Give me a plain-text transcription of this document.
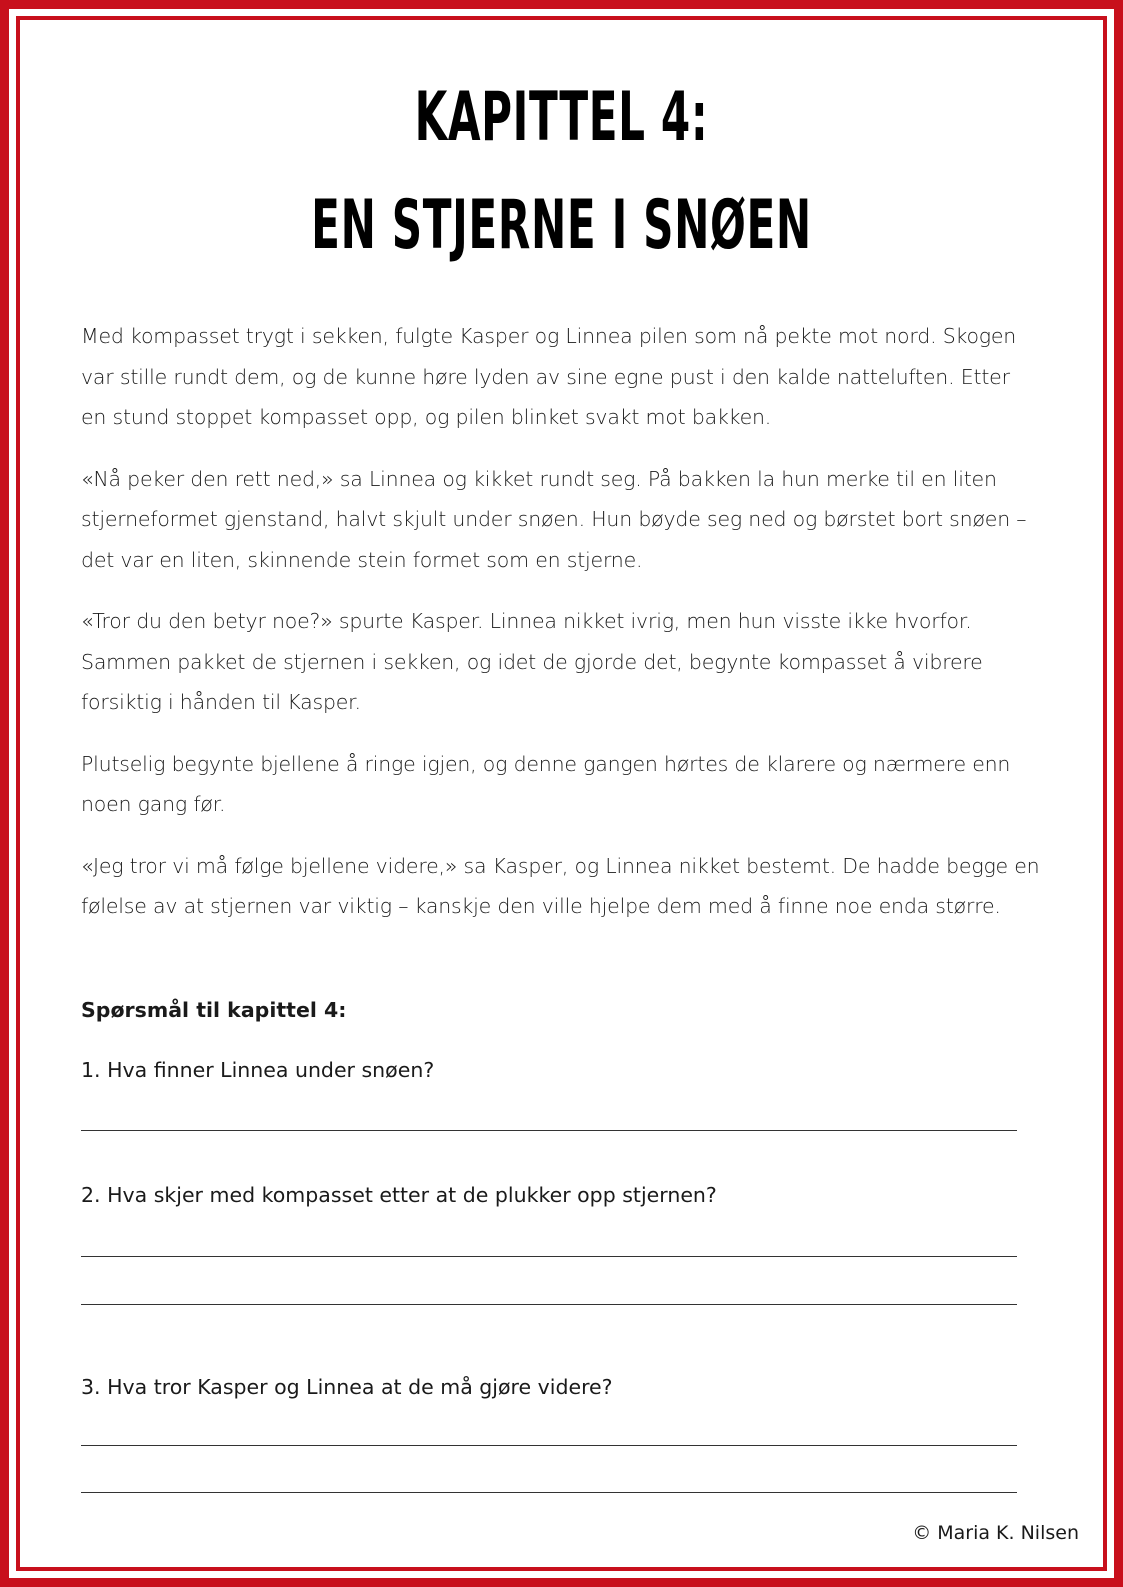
KAPITTEL 4:
EN STJERNE I SNØEN

Med kompasset trygt i sekken, fulgte Kasper og Linnea pilen som nå pekte mot nord. Skogen var stille rundt dem, og de kunne høre lyden av sine egne pust i den kalde natteluften. Etter en stund stoppet kompasset opp, og pilen blinket svakt mot bakken.

«Nå peker den rett ned,» sa Linnea og kikket rundt seg. På bakken la hun merke til en liten stjerneformet gjenstand, halvt skjult under snøen. Hun bøyde seg ned og børstet bort snøen – det var en liten, skinnende stein formet som en stjerne.

«Tror du den betyr noe?» spurte Kasper. Linnea nikket ivrig, men hun visste ikke hvorfor. Sammen pakket de stjernen i sekken, og idet de gjorde det, begynte kompasset å vibrere forsiktig i hånden til Kasper.

Plutselig begynte bjellene å ringe igjen, og denne gangen hørtes de klarere og nærmere enn noen gang før.

«Jeg tror vi må følge bjellene videre,» sa Kasper, og Linnea nikket bestemt. De hadde begge en følelse av at stjernen var viktig – kanskje den ville hjelpe dem med å finne noe enda større.

Spørsmål til kapittel 4:
1. Hva finner Linnea under snøen?
2. Hva skjer med kompasset etter at de plukker opp stjernen?
3. Hva tror Kasper og Linnea at de må gjøre videre?
© Maria K. Nilsen
